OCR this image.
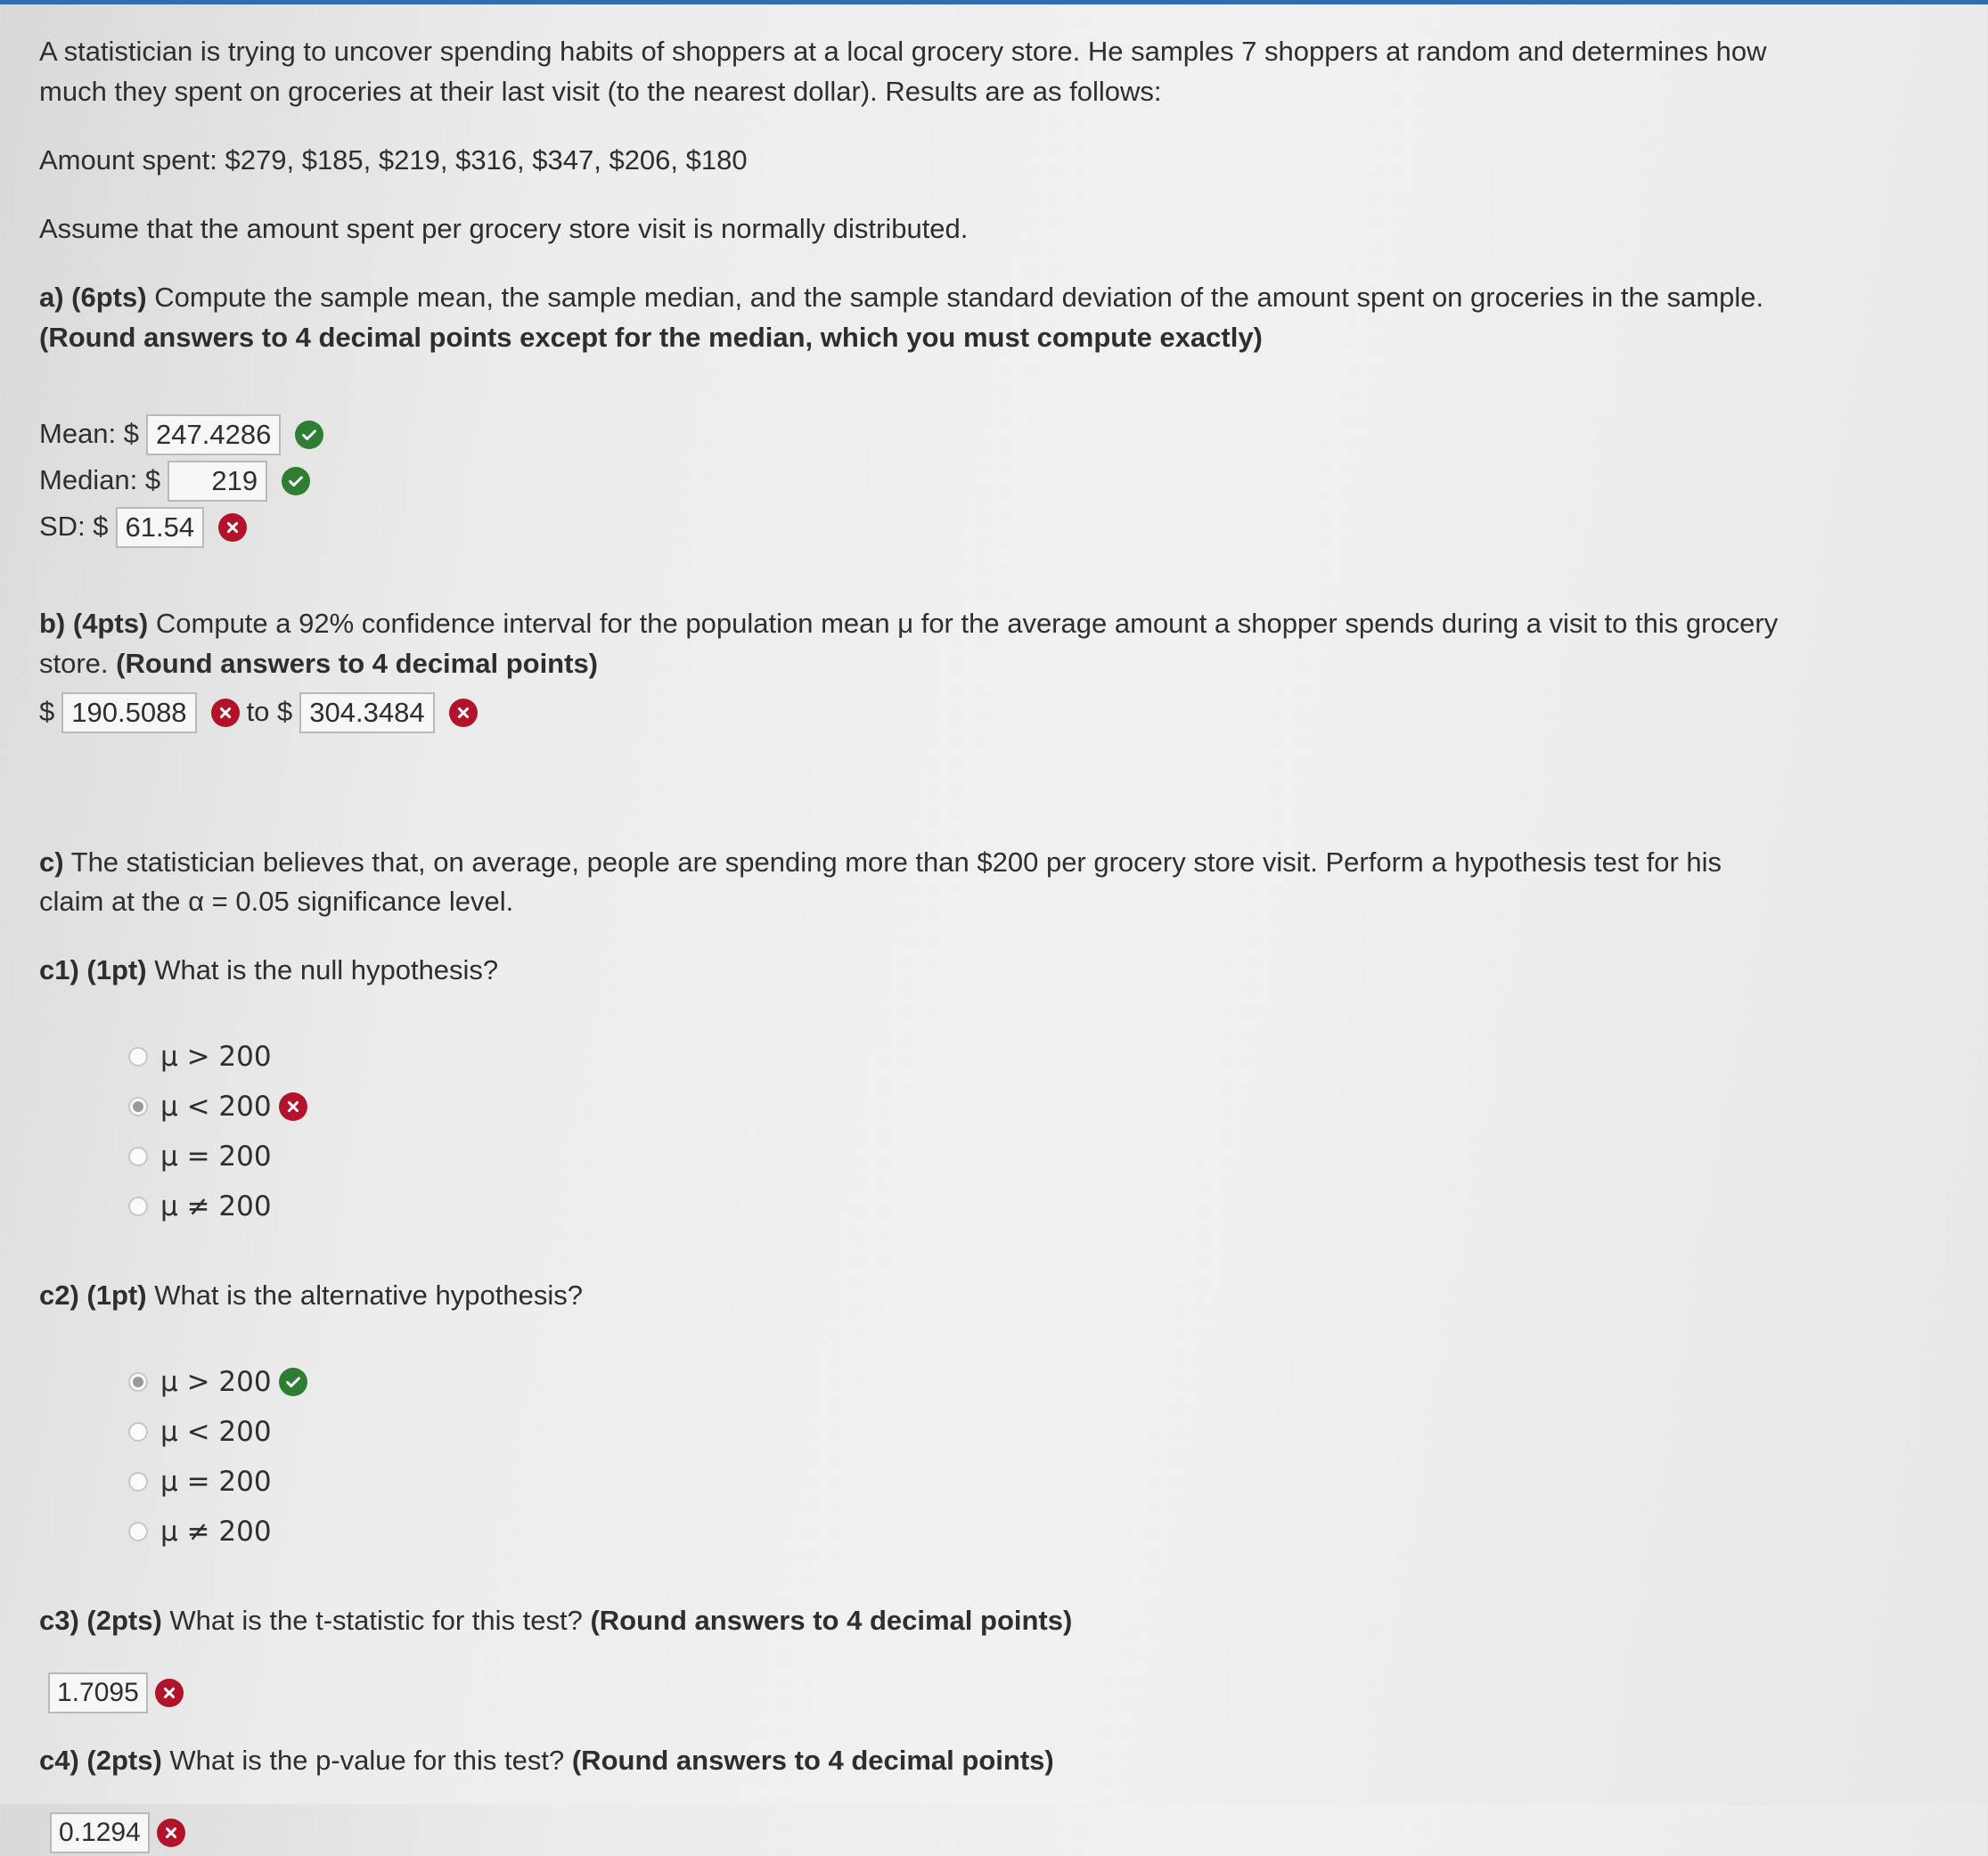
A statistician is trying to uncover spending habits of shoppers at a local grocery store. He samples 7 shoppers at random and determines how much they spent on groceries at their last visit (to the nearest dollar). Results are as follows:

Amount spent: $279, $185, $219, $316, $347, $206, $180

Assume that the amount spent per grocery store visit is normally distributed.

a) (6pts) Compute the sample mean, the sample median, and the sample standard deviation of the amount spent on groceries in the sample. (Round answers to 4 decimal points except for the median, which you must compute exactly)

Mean: $ 247.4286
Median: $	219
SD: $ 61.54

b) (4pts) Compute a 92% confidence interval for the population mean μ for the average amount a shopper spends during a visit to this grocery store. (Round answers to 4 decimal points)

$ 190.5088	to $ 304.3484

c) The statistician believes that, on average, people are spending more than $200 per grocery store visit. Perform a hypothesis test for his claim at the α = 0.05 significance level.

c1) (1pt) What is the null hypothesis?

μ > 200
μ < 200
μ = 200
μ ≠ 200

c2) (1pt) What is the alternative hypothesis?

μ > 200
μ < 200
μ = 200
μ ≠ 200

c3) (2pts) What is the t-statistic for this test? (Round answers to 4 decimal points)

1.7095

c4) (2pts) What is the p-value for this test? (Round answers to 4 decimal points)

0.1294
